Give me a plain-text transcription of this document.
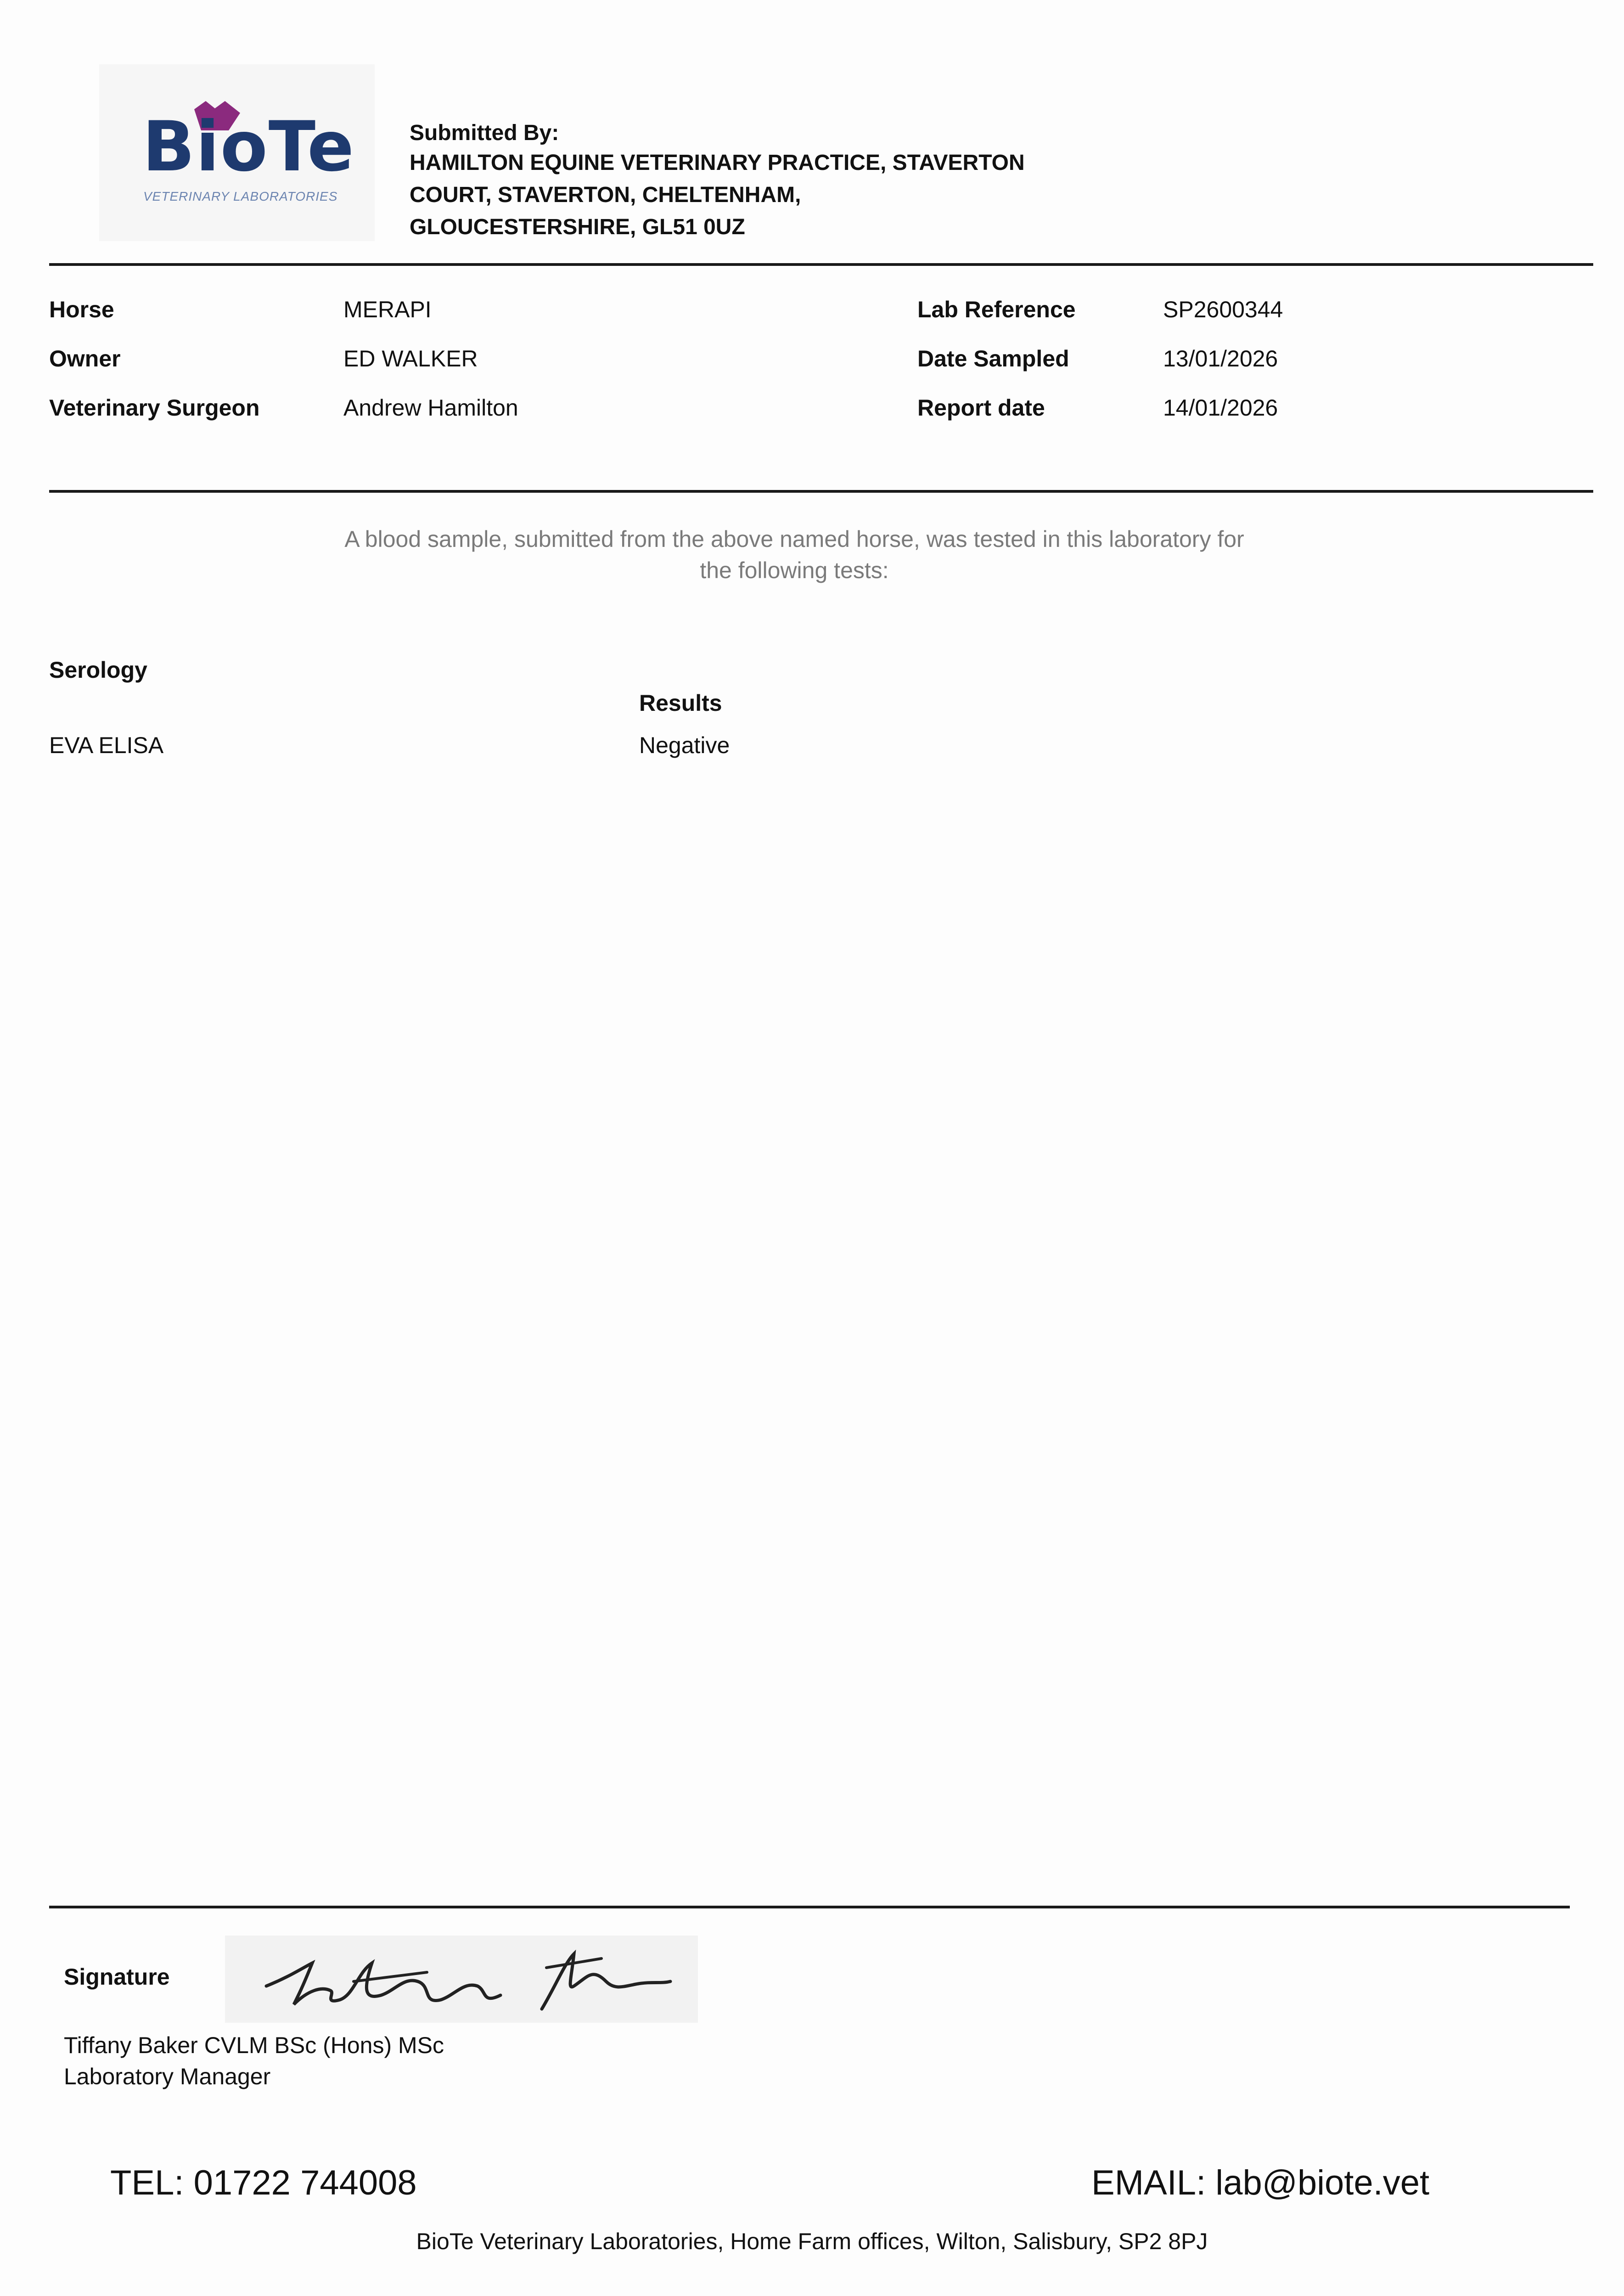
BioTe
VETERINARY LABORATORIES
Submitted By:
HAMILTON EQUINE VETERINARY PRACTICE, STAVERTON
COURT, STAVERTON, CHELTENHAM,
GLOUCESTERSHIRE, GL51 0UZ
Horse	MERAPI
Owner	ED WALKER
Veterinary Surgeon	Andrew Hamilton
Lab Reference	SP2600344
Date Sampled	13/01/2026
Report date	14/01/2026
A blood sample, submitted from the above named horse, was tested in this laboratory for
the following tests:
Serology
Results
EVA ELISA	Negative
Signature
Tiffany Baker CVLM BSc (Hons) MSc
Laboratory Manager
TEL: 01722 744008	EMAIL: lab@biote.vet
BioTe Veterinary Laboratories, Home Farm offices, Wilton, Salisbury, SP2 8PJ
